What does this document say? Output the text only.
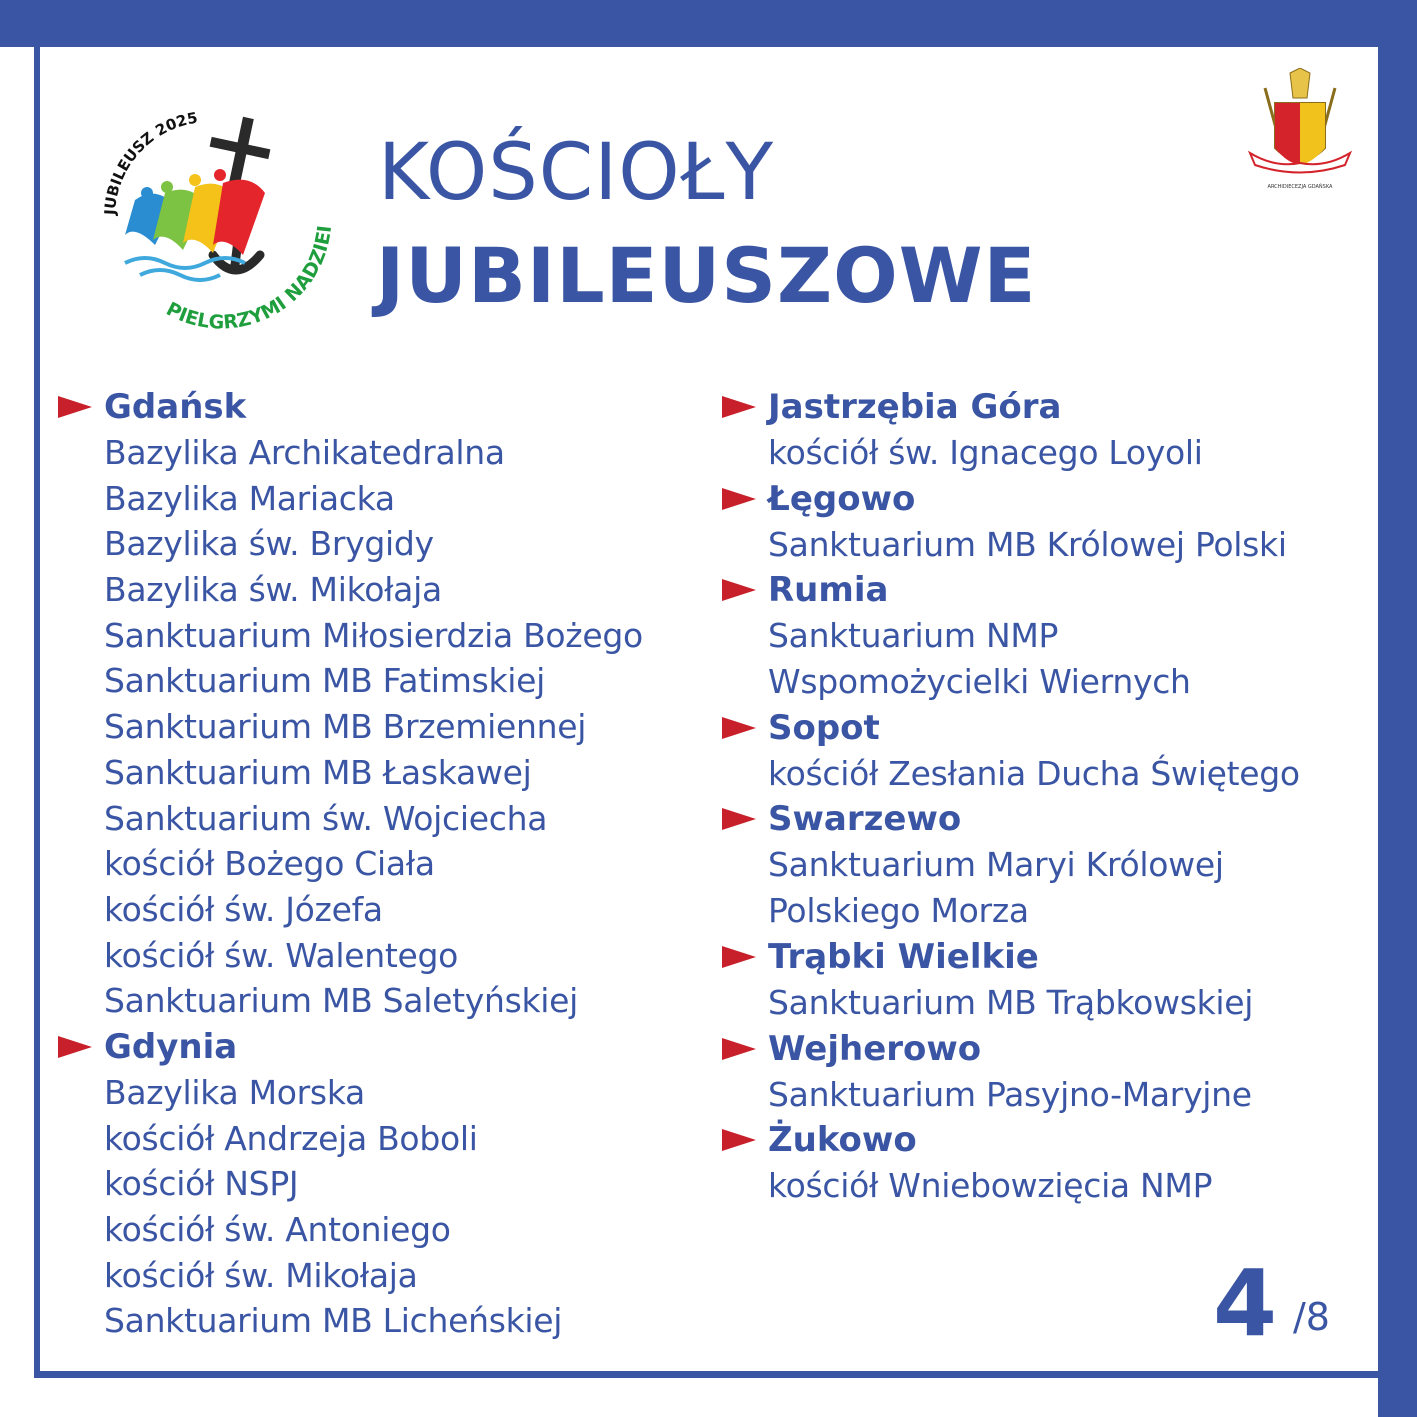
JUBILEUSZ 2025
PIELGRZYMI NADZIEI
ARCHIDIECEZJA GDAŃSKA
KOŚCIOŁY
JUBILEUSZOWE
Gdańsk
Bazylika Archikatedralna
Bazylika Mariacka
Bazylika św. Brygidy
Bazylika św. Mikołaja
Sanktuarium Miłosierdzia Bożego
Sanktuarium MB Fatimskiej
Sanktuarium MB Brzemiennej
Sanktuarium MB Łaskawej
Sanktuarium św. Wojciecha
kościół Bożego Ciała
kościół św. Józefa
kościół św. Walentego
Sanktuarium MB Saletyńskiej
Gdynia
Bazylika Morska
kościół Andrzeja Boboli
kościół NSPJ
kościół św. Antoniego
kościół św. Mikołaja
Sanktuarium MB Licheńskiej
Jastrzębia Góra
kościół św. Ignacego Loyoli
Łęgowo
Sanktuarium MB Królowej Polski
Rumia
Sanktuarium NMP
Wspomożycielki Wiernych
Sopot
kościół Zesłania Ducha Świętego
Swarzewo
Sanktuarium Maryi Królowej
Polskiego Morza
Trąbki Wielkie
Sanktuarium MB Trąbkowskiej
Wejherowo
Sanktuarium Pasyjno-Maryjne
Żukowo
kościół Wniebowzięcia NMP
4 /8
